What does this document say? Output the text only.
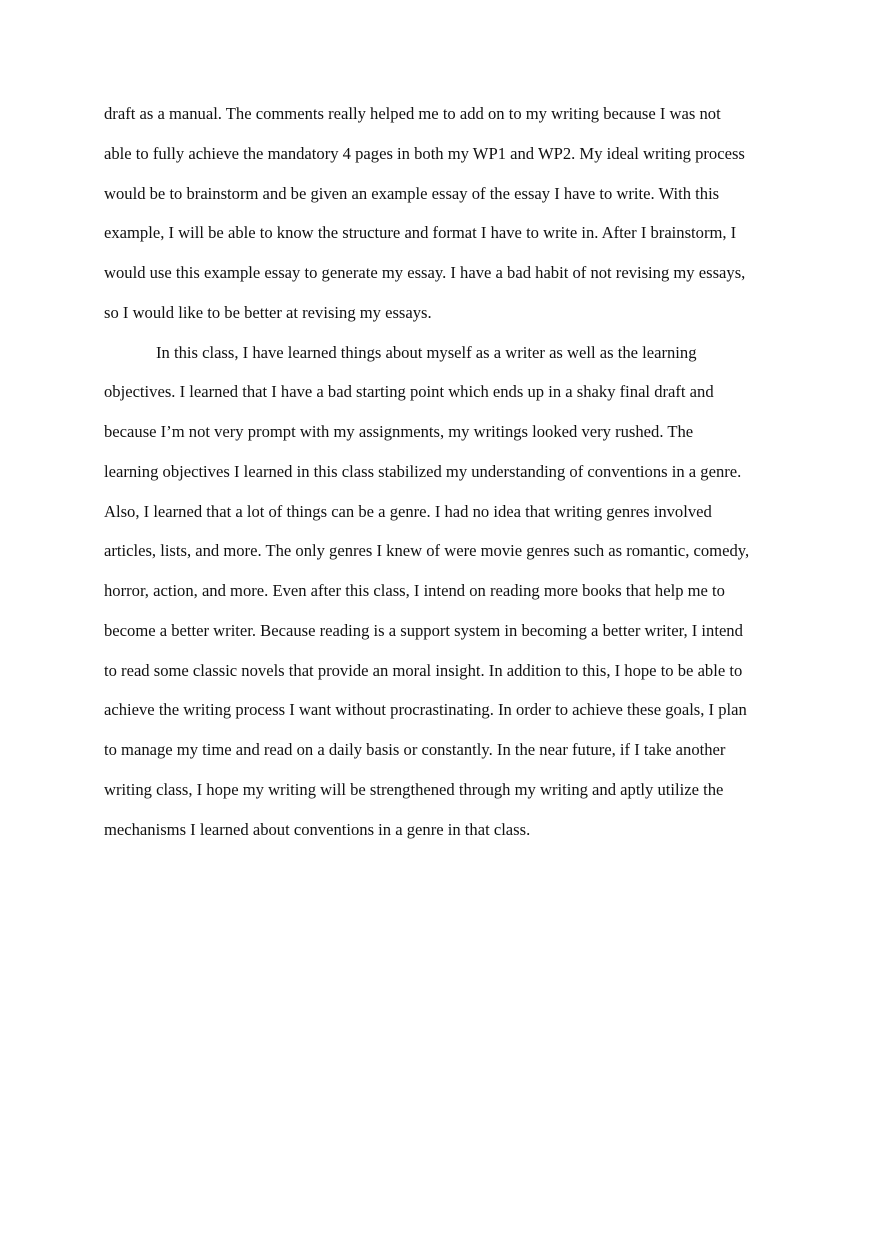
draft as a manual. The comments really helped me to add on to my writing because I was not
able to fully achieve the mandatory 4 pages in both my WP1 and WP2. My ideal writing process
would be to brainstorm and be given an example essay of the essay I have to write. With this
example, I will be able to know the structure and format I have to write in. After I brainstorm, I
would use this example essay to generate my essay. I have a bad habit of not revising my essays,
so I would like to be better at revising my essays.
In this class, I have learned things about myself as a writer as well as the learning
objectives. I learned that I have a bad starting point which ends up in a shaky final draft and
because I’m not very prompt with my assignments, my writings looked very rushed. The
learning objectives I learned in this class stabilized my understanding of conventions in a genre.
Also, I learned that a lot of things can be a genre. I had no idea that writing genres involved
articles, lists, and more. The only genres I knew of were movie genres such as romantic, comedy,
horror, action, and more. Even after this class, I intend on reading more books that help me to
become a better writer. Because reading is a support system in becoming a better writer, I intend
to read some classic novels that provide an moral insight. In addition to this, I hope to be able to
achieve the writing process I want without procrastinating. In order to achieve these goals, I plan
to manage my time and read on a daily basis or constantly. In the near future, if I take another
writing class, I hope my writing will be strengthened through my writing and aptly utilize the
mechanisms I learned about conventions in a genre in that class.
